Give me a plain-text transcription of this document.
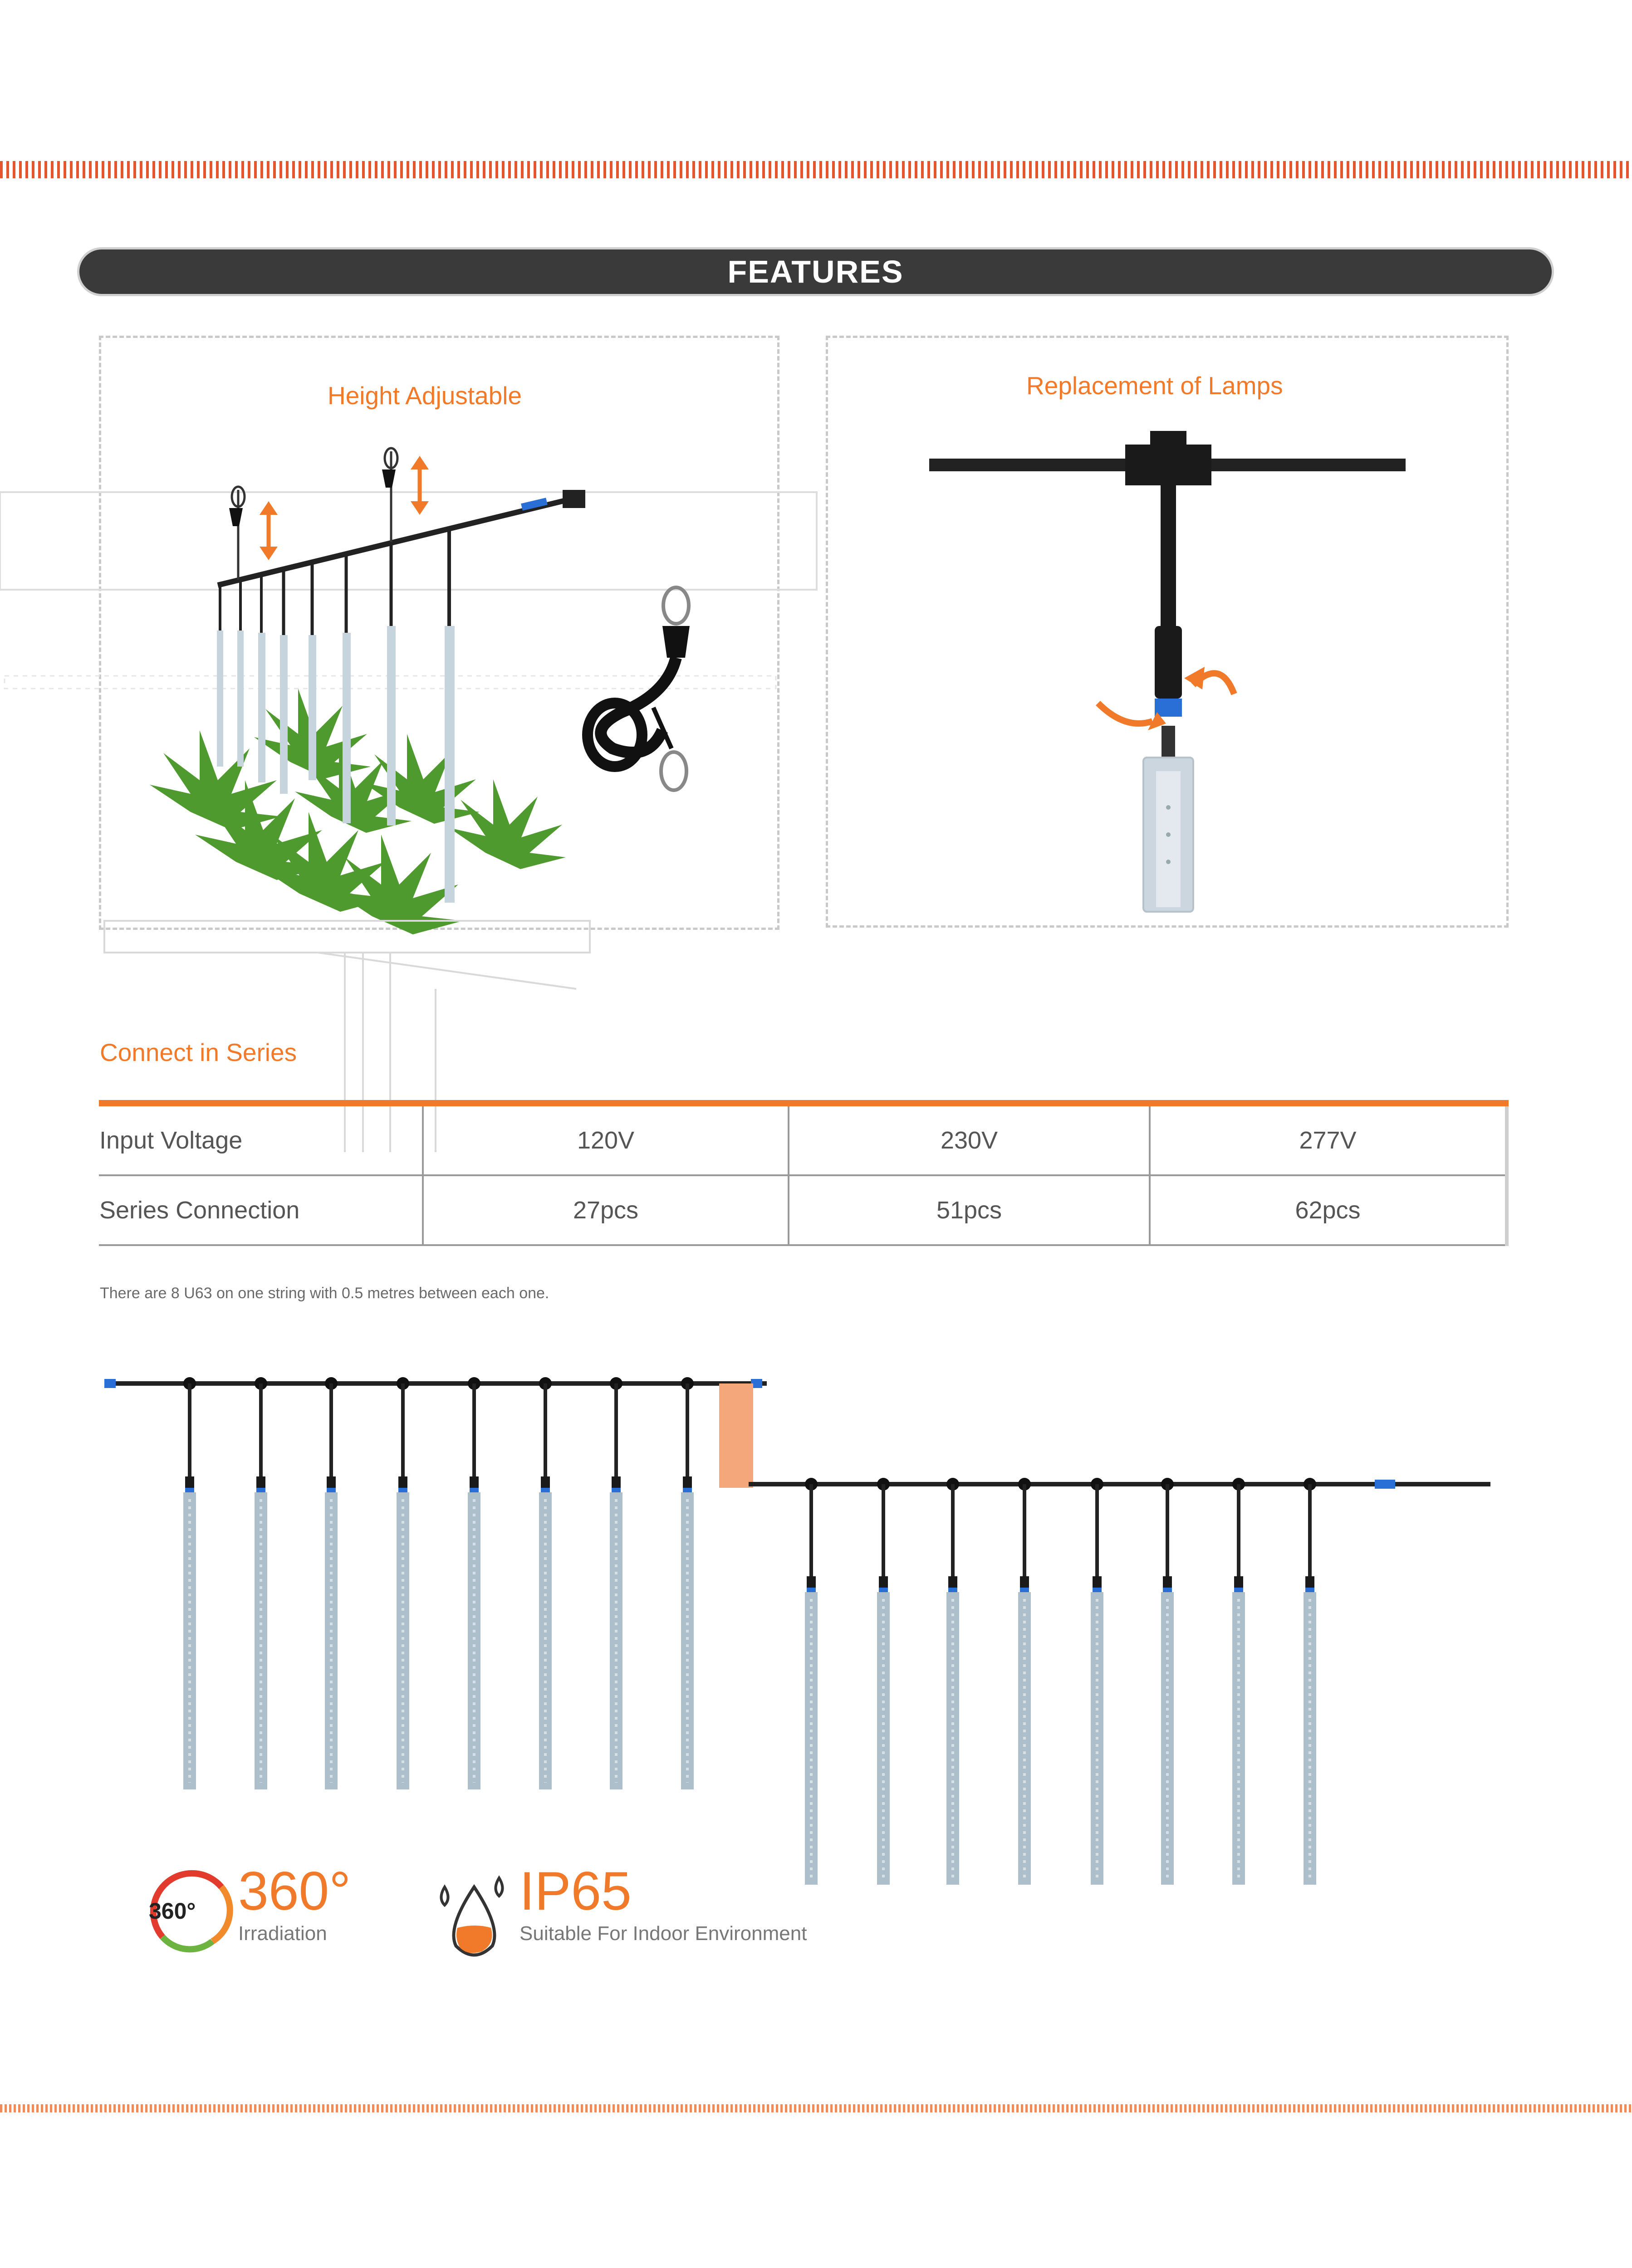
FEATURES
Height Adjustable	Replacement of Lamps
Connect in Series
Input Voltage	120V	230V	277V
Series Connection	27pcs	51pcs	62pcs
There are 8 U63 on one string with 0.5 metres between each one.
360° 360°
Irradiation
IP65
Suitable For Indoor Environment
